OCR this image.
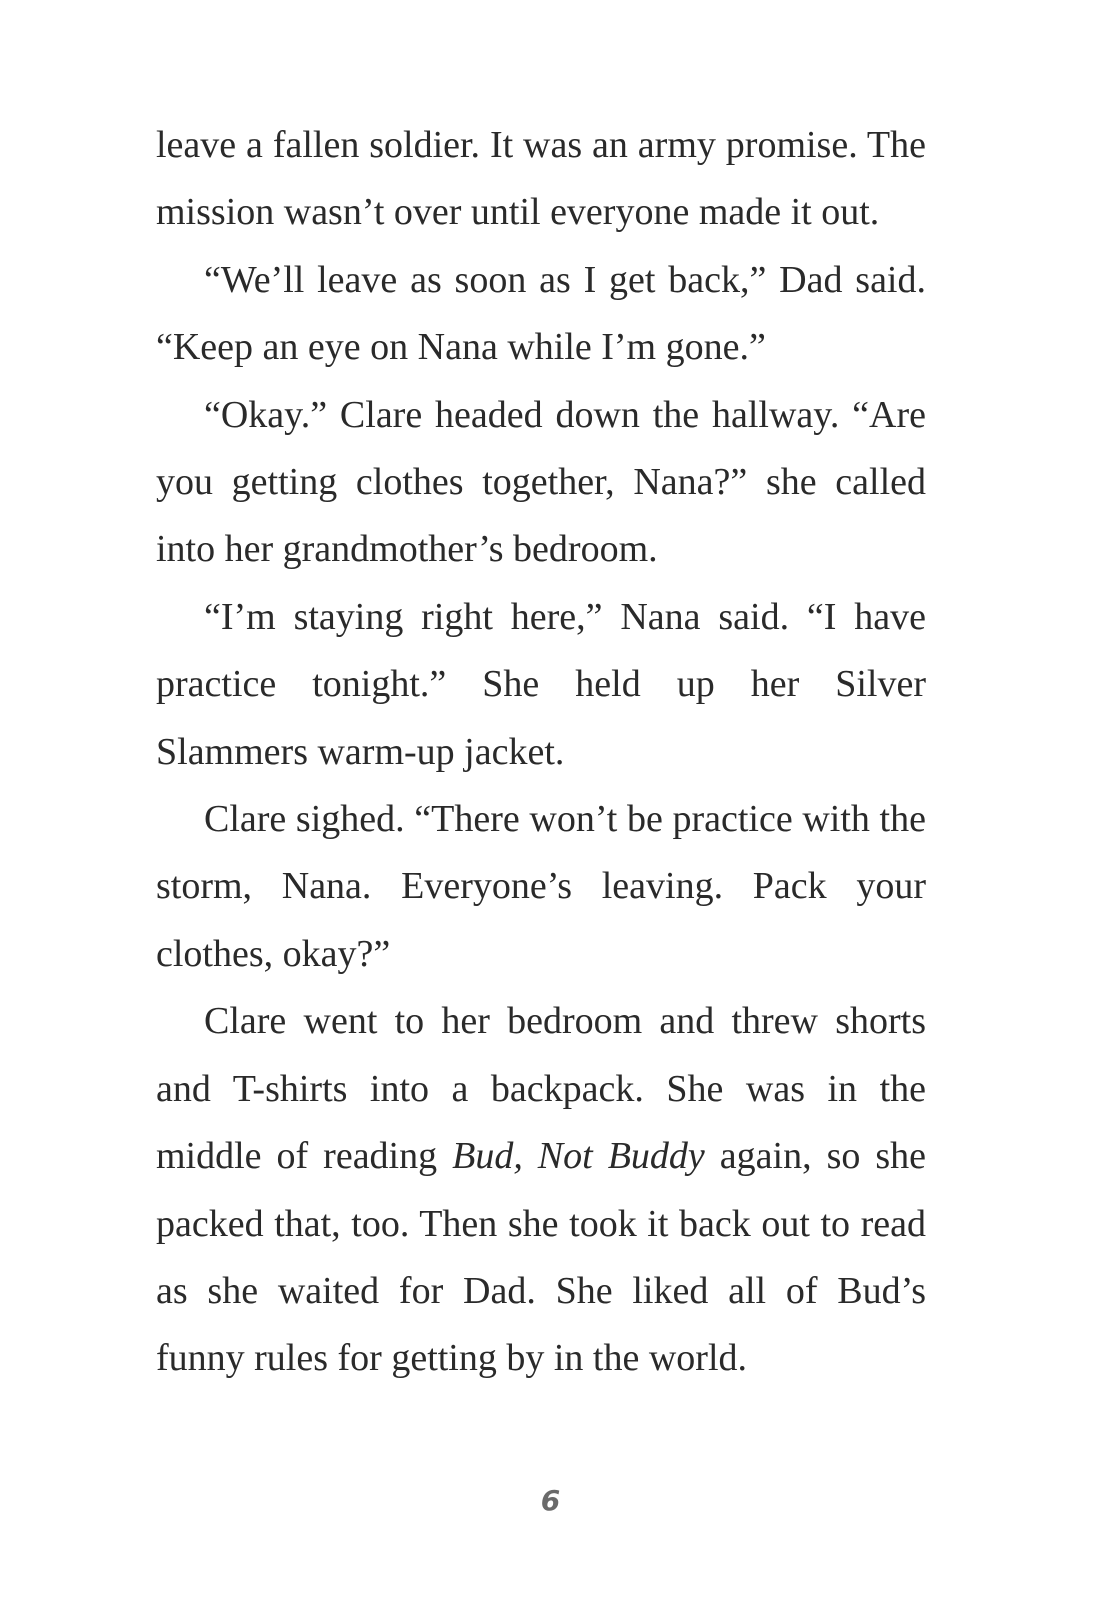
leave a fallen soldier. It was an army promise. The mission wasn’t over until everyone made it out.

“We’ll leave as soon as I get back,” Dad said. “Keep an eye on Nana while I’m gone.”

“Okay.” Clare headed down the hallway. “Are you getting clothes together, Nana?” she called into her grandmother’s bedroom.

“I’m staying right here,” Nana said. “I have practice tonight.” She held up her Silver Slammers warm-up jacket.

Clare sighed. “There won’t be practice with the storm, Nana. Everyone’s leaving. Pack your clothes, okay?”

Clare went to her bedroom and threw shorts and T-shirts into a backpack. She was in the middle of reading Bud, Not Buddy again, so she packed that, too. Then she took it back out to read as she waited for Dad. She liked all of Bud’s funny rules for getting by in the world.

6
